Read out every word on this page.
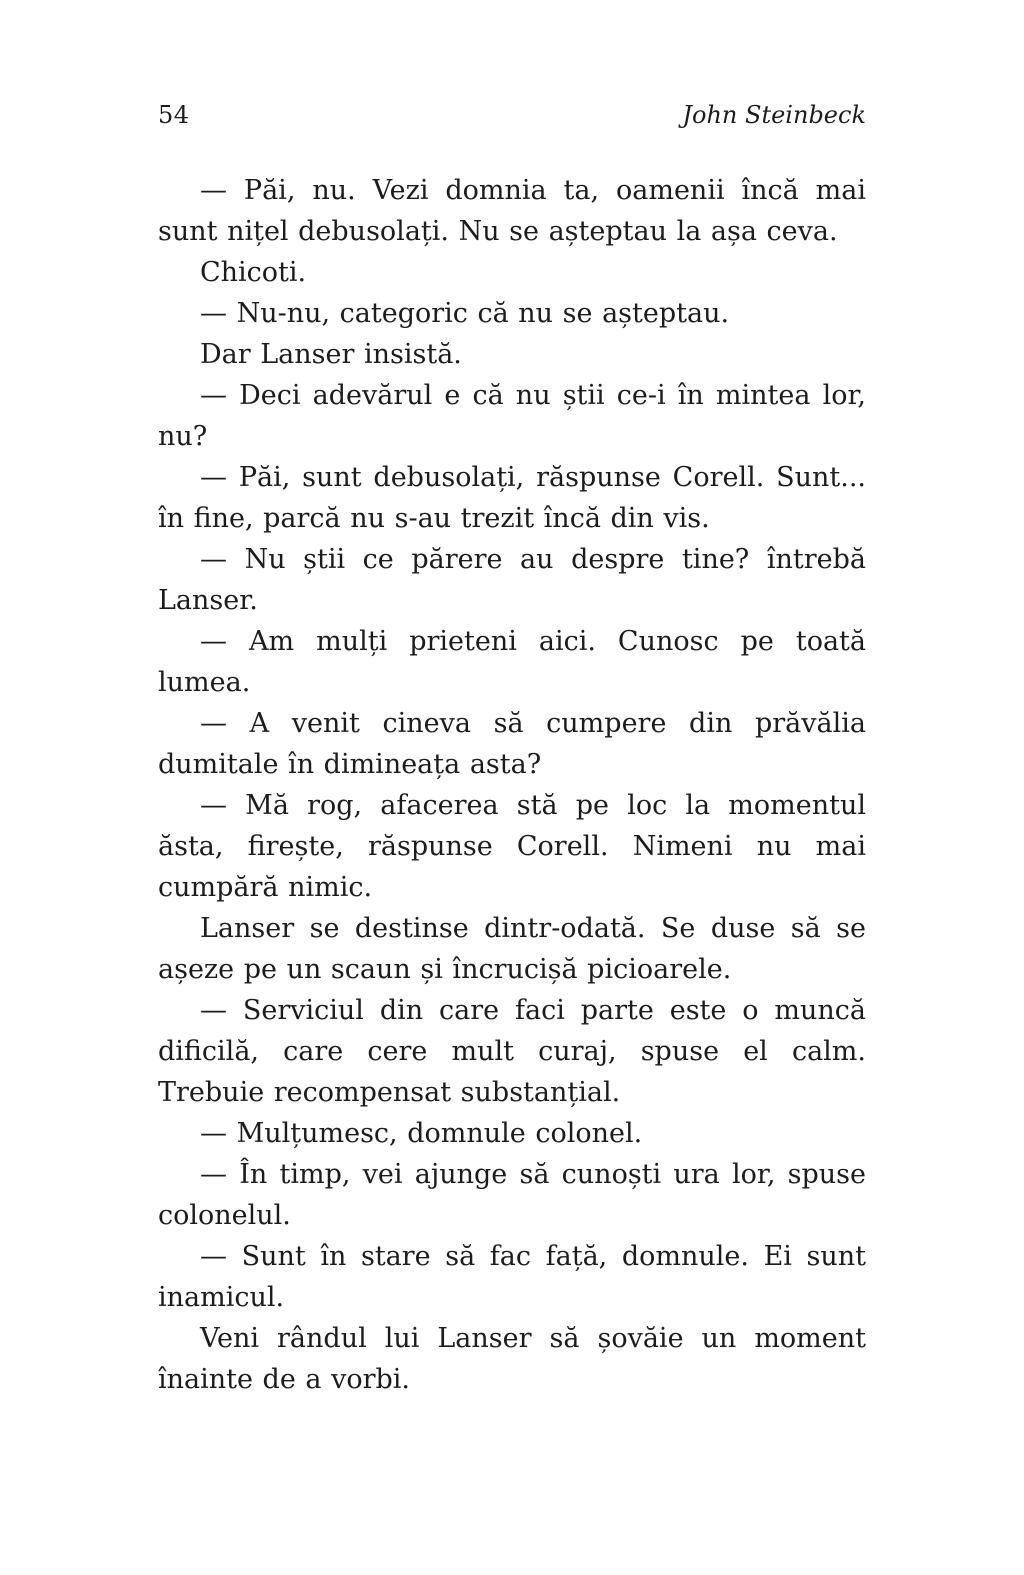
54	John Steinbeck

— Păi, nu. Vezi domnia ta, oamenii încă mai sunt nițel debusolați. Nu se așteptau la așa ceva.

Chicoti.

— Nu-nu, categoric că nu se așteptau.

Dar Lanser insistă.

— Deci adevărul e că nu știi ce-i în mintea lor, nu?

— Păi, sunt debusolați, răspunse Corell. Sunt... în fine, parcă nu s-au trezit încă din vis.

— Nu știi ce părere au despre tine? întrebă Lanser.

— Am mulți prieteni aici. Cunosc pe toată lumea.

— A venit cineva să cumpere din prăvălia dumitale în dimineața asta?

— Mă rog, afacerea stă pe loc la momentul ăsta, firește, răspunse Corell. Nimeni nu mai cumpără nimic.

Lanser se destinse dintr-odată. Se duse să se așeze pe un scaun și încrucișă picioarele.

— Serviciul din care faci parte este o muncă dificilă, care cere mult curaj, spuse el calm. Trebuie recompensat substanțial.

— Mulțumesc, domnule colonel.

— În timp, vei ajunge să cunoști ura lor, spuse colonelul.

— Sunt în stare să fac față, domnule. Ei sunt inamicul.

Veni rândul lui Lanser să șovăie un moment înainte de a vorbi.
